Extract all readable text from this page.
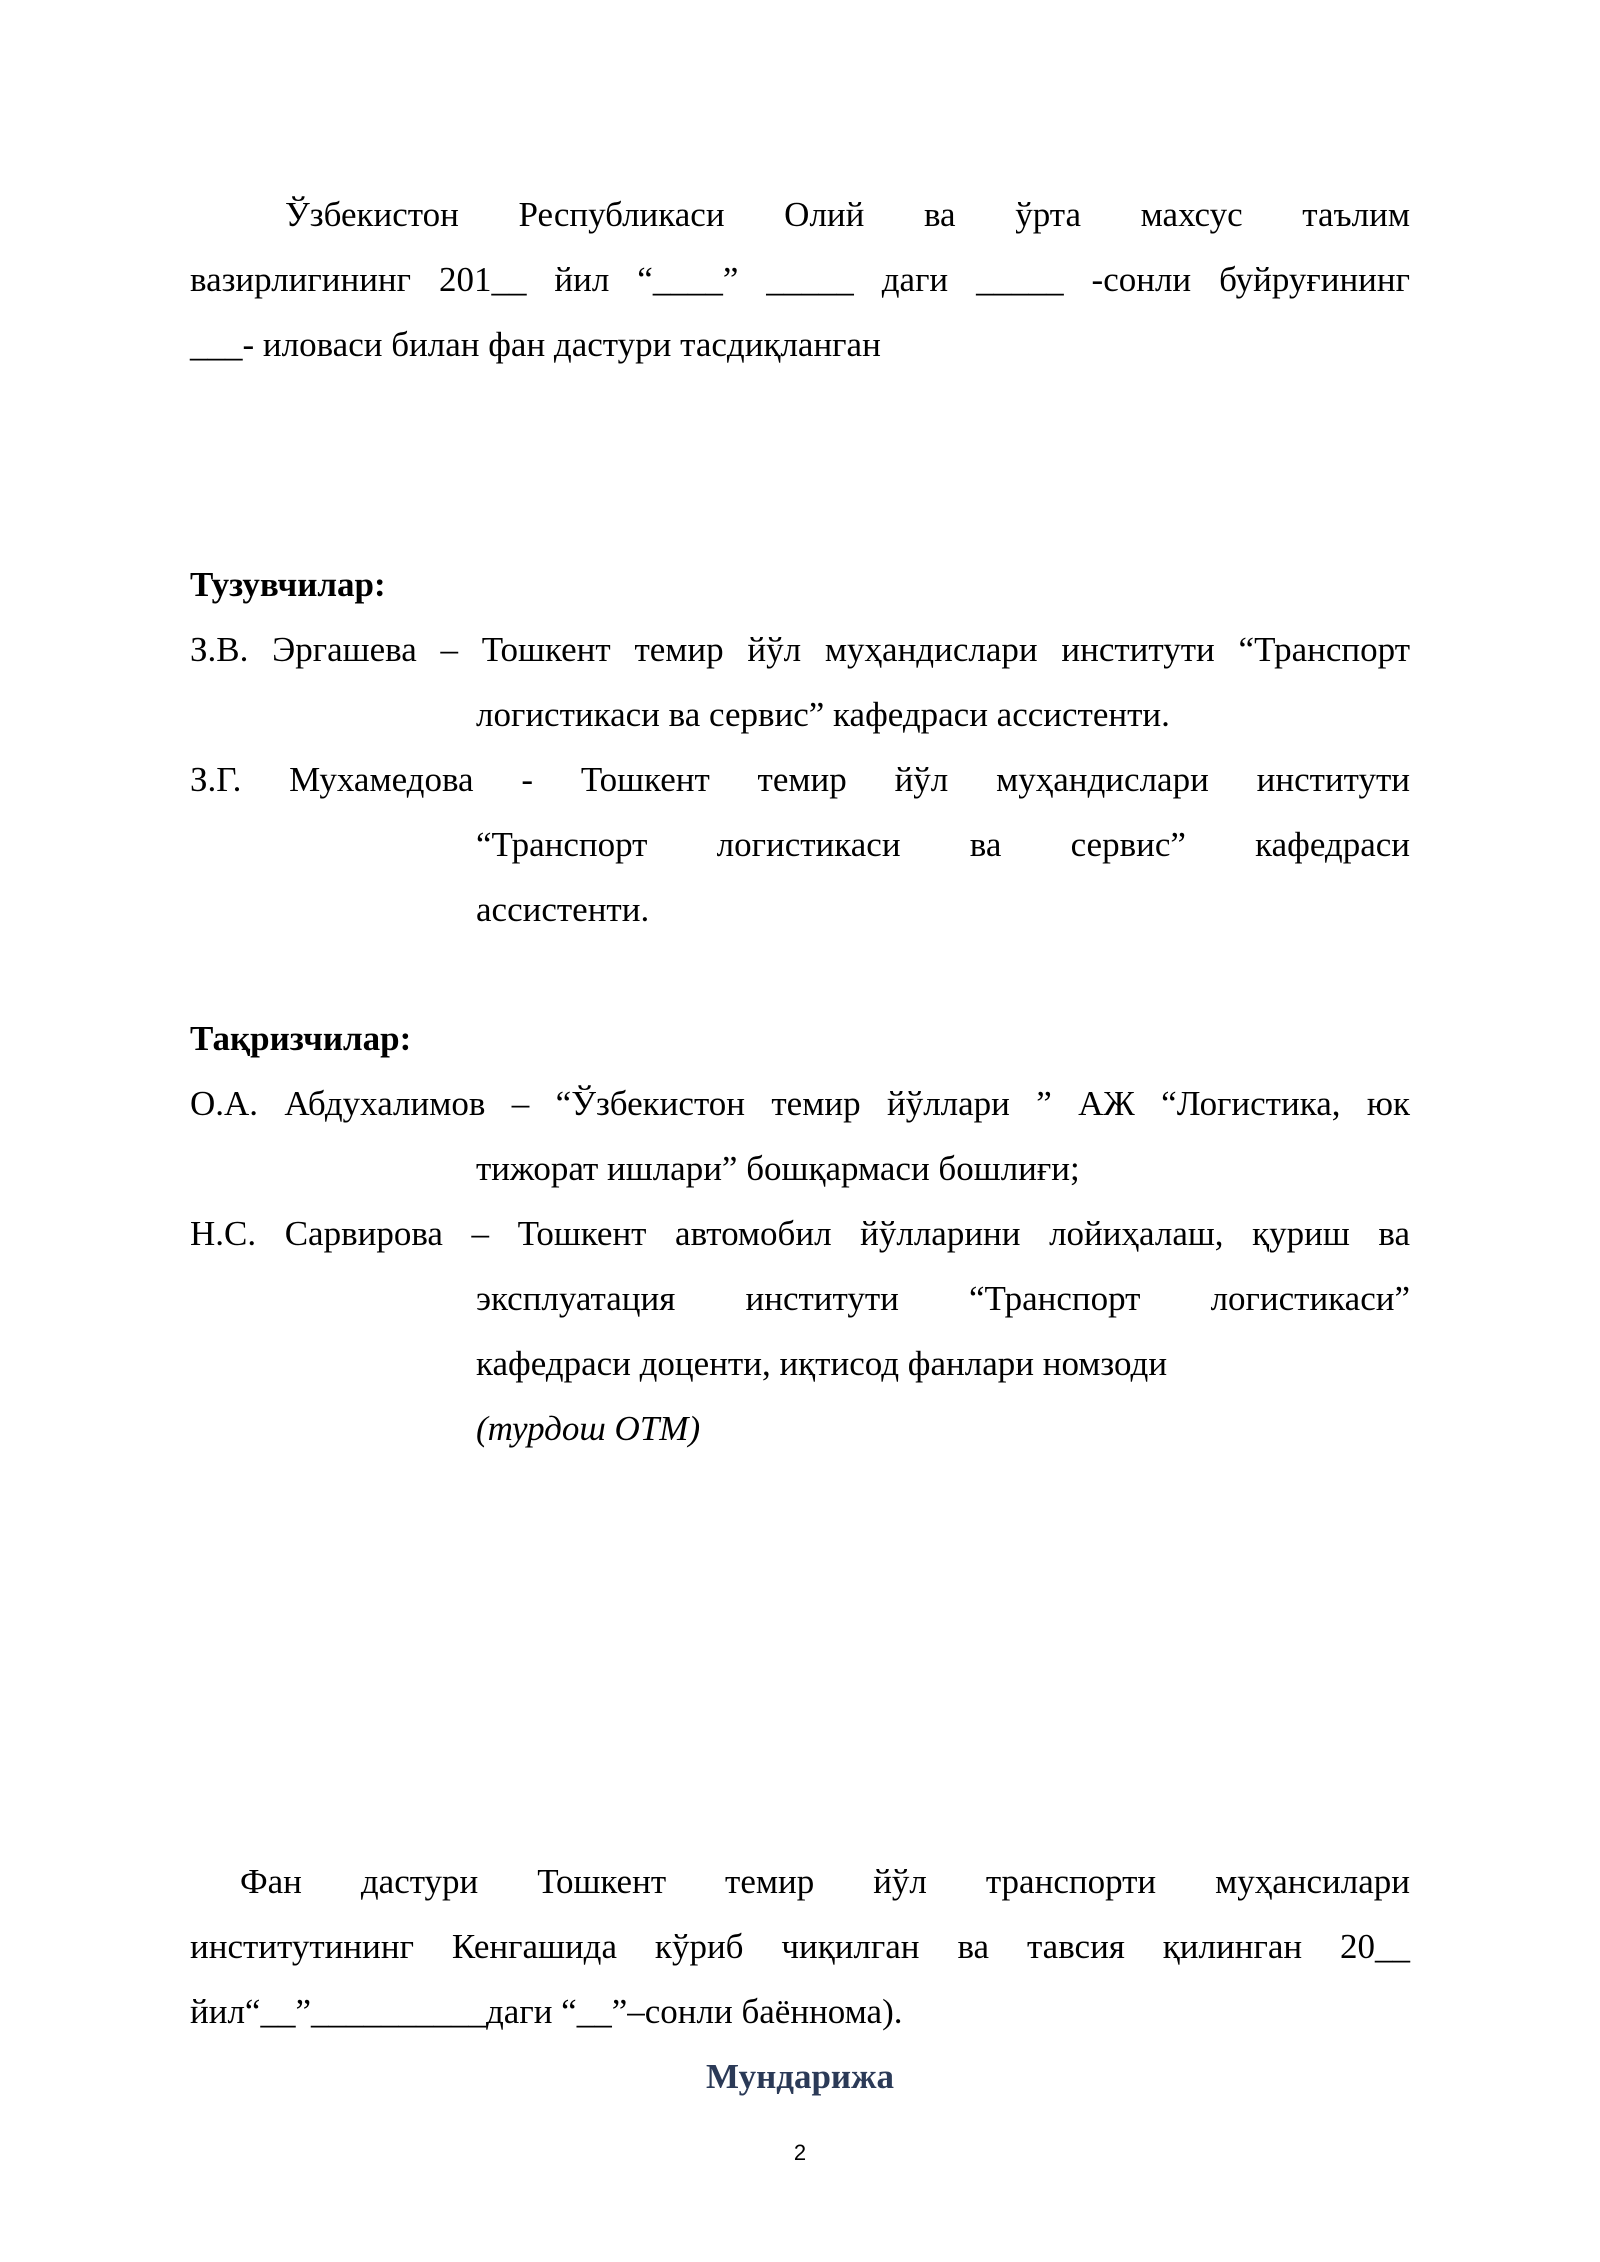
Ўзбекистон Республикаси Олий ва ўрта махсус таълим
вазирлигининг 201__ йил “____” _____ даги _____ -сонли буйруғининг
___- иловаси билан фан дастури тасдиқланган
Тузувчилар:
З.В. Эргашева – Тошкент темир йўл муҳандислари институти “Транспорт
логистикаси ва сервис” кафедраси ассистенти.
З.Г. Мухамедова - Тошкент темир йўл муҳандислари институти
“Транспорт логистикаси ва сервис” кафедраси
ассистенти.
Тақризчилар:
О.А. Абдухалимов – “Ўзбекистон темир йўллари ” АЖ “Логистика, юк
тижорат ишлари” бошқармаси бошлиғи;
Н.С. Сарвирова – Тошкент автомобил йўлларини лойиҳалаш, қуриш ва
эксплуатация институти “Транспорт логистикаси”
кафедраси доценти, иқтисод фанлари номзоди
(турдош ОТМ)
Фан дастури Тошкент темир йўл транспорти муҳансилари
институтининг Кенгашида кўриб чиқилган ва тавсия қилинган 20__
йил“__”__________даги “__”–сонли баённома).
Мундарижа
2
